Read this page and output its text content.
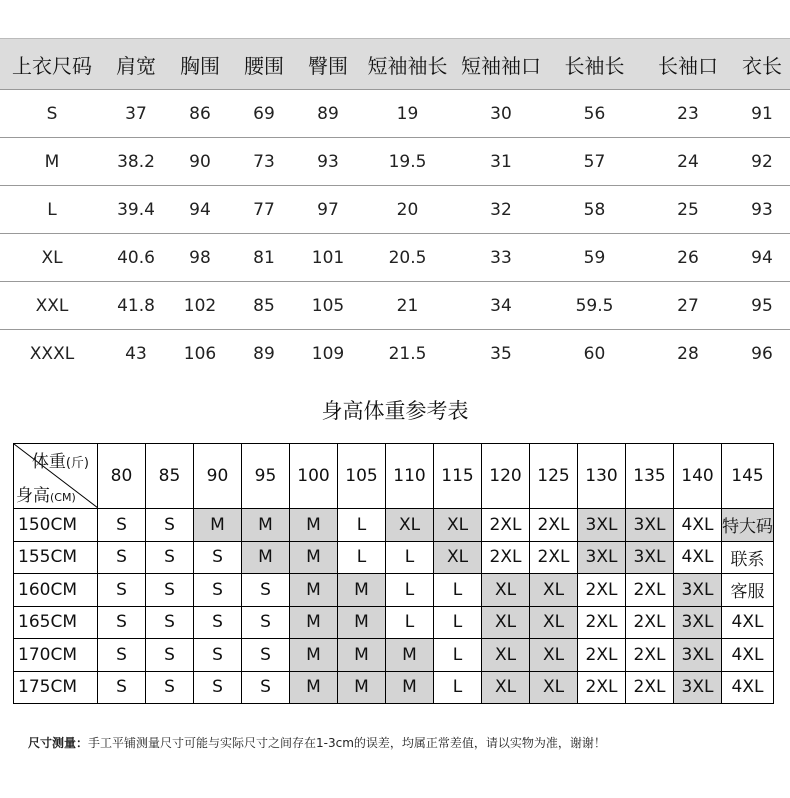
上衣尺码	肩宽	胸围	腰围	臀围	短袖袖长	短袖袖口	长袖长	长袖口	衣长
S	37	86	69	89	19	30	56	23	91
M	38.2	90	73	93	19.5	31	57	24	92
L	39.4	94	77	97	20	32	58	25	93
XL	40.6	98	81	101	20.5	33	59	26	94
XXL	41.8	102	85	105	21	34	59.5	27	95
XXXL	43	106	89	109	21.5	35	60	28	96
身高体重参考表
体重(斤)
身高(CM)	80	85	90	95	100	105	110	115	120	125	130	135	140	145
150CM	S	S	M	M	M	L	XL	XL	2XL	2XL	3XL	3XL	4XL	特大码
155CM	S	S	S	M	M	L	L	XL	2XL	2XL	3XL	3XL	4XL	联系
160CM	S	S	S	S	M	M	L	L	XL	XL	2XL	2XL	3XL	客服
165CM	S	S	S	S	M	M	L	L	XL	XL	2XL	2XL	3XL	4XL
170CM	S	S	S	S	M	M	M	L	XL	XL	2XL	2XL	3XL	4XL
175CM	S	S	S	S	M	M	M	L	XL	XL	2XL	2XL	3XL	4XL
尺寸测量：手工平铺测量尺寸可能与实际尺寸之间存在1-3cm的误差，均属正常差值，请以实物为准，谢谢！
